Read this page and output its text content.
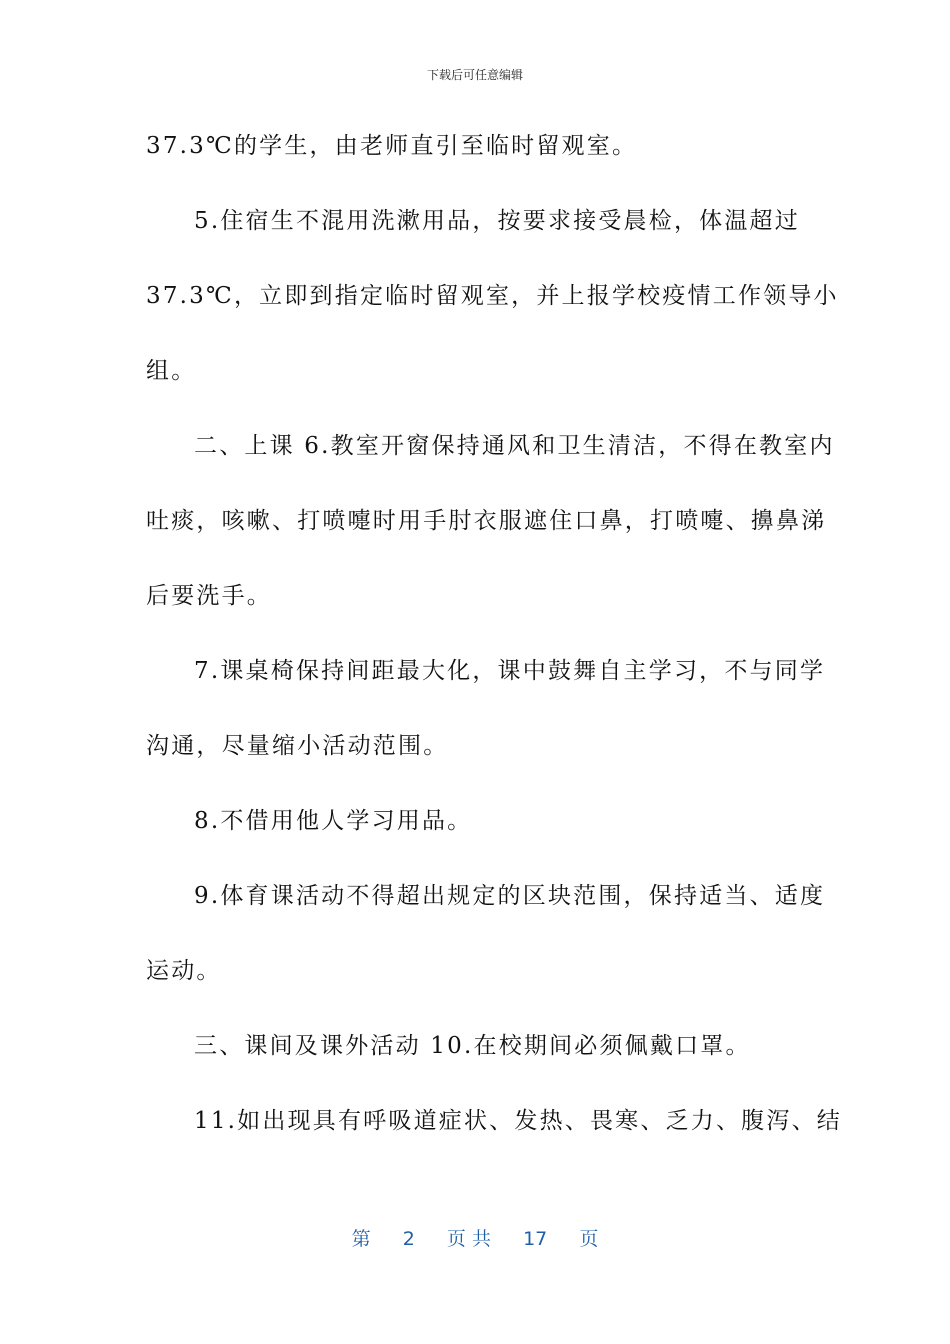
下载后可任意编辑
37.3℃的学生，由老师直引至临时留观室。
5.住宿生不混用洗漱用品，按要求接受晨检，体温超过
37.3℃，立即到指定临时留观室，并上报学校疫情工作领导小
组。
二、上课 6.教室开窗保持通风和卫生清洁，不得在教室内
吐痰，咳嗽、打喷嚏时用手肘衣服遮住口鼻，打喷嚏、擤鼻涕
后要洗手。
7.课桌椅保持间距最大化，课中鼓舞自主学习，不与同学
沟通，尽量缩小活动范围。
8.不借用他人学习用品。
9.体育课活动不得超出规定的区块范围，保持适当、适度
运动。
三、课间及课外活动 10.在校期间必须佩戴口罩。
11.如出现具有呼吸道症状、发热、畏寒、乏力、腹泻、结
第 2 页 共 17 页
